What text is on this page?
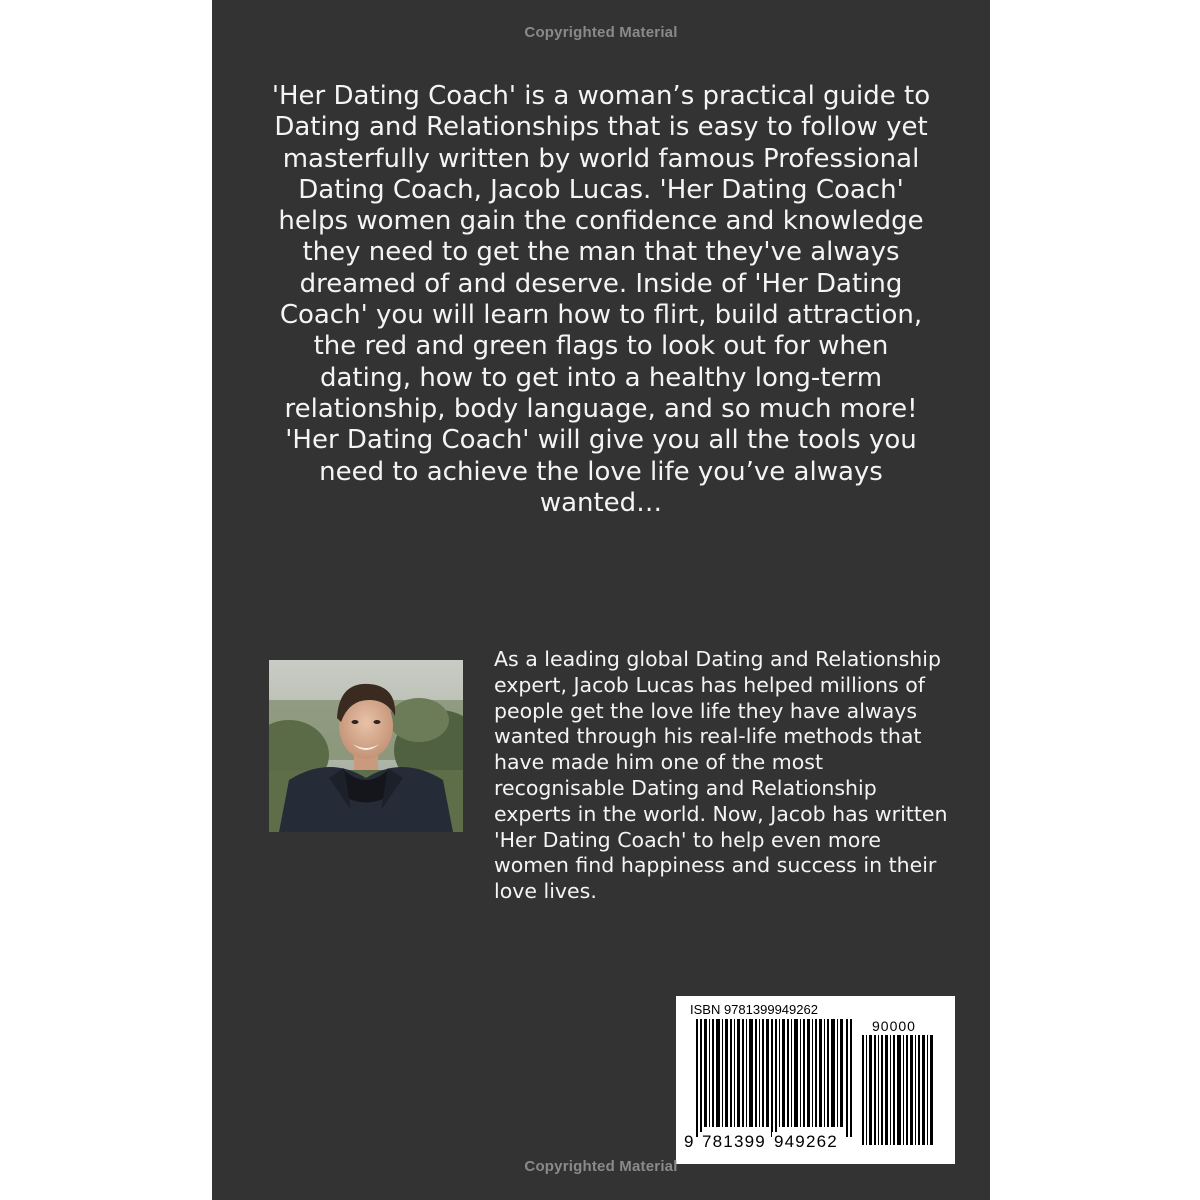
Copyrighted Material

'Her Dating Coach' is a woman’s practical guide to Dating and Relationships that is easy to follow yet masterfully written by world famous Professional Dating Coach, Jacob Lucas. 'Her Dating Coach' helps women gain the confidence and knowledge they need to get the man that they've always dreamed of and deserve. Inside of 'Her Dating Coach' you will learn how to flirt, build attraction, the red and green flags to look out for when dating, how to get into a healthy long-term relationship, body language, and so much more! 'Her Dating Coach' will give you all the tools you need to achieve the love life you’ve always wanted…

As a leading global Dating and Relationship expert, Jacob Lucas has helped millions of people get the love life they have always wanted through his real-life methods that have made him one of the most recognisable Dating and Relationship experts in the world. Now, Jacob has written 'Her Dating Coach' to help even more women find happiness and success in their love lives.

ISBN 9781399949262
90000
9 781399 949262
Copyrighted Material
